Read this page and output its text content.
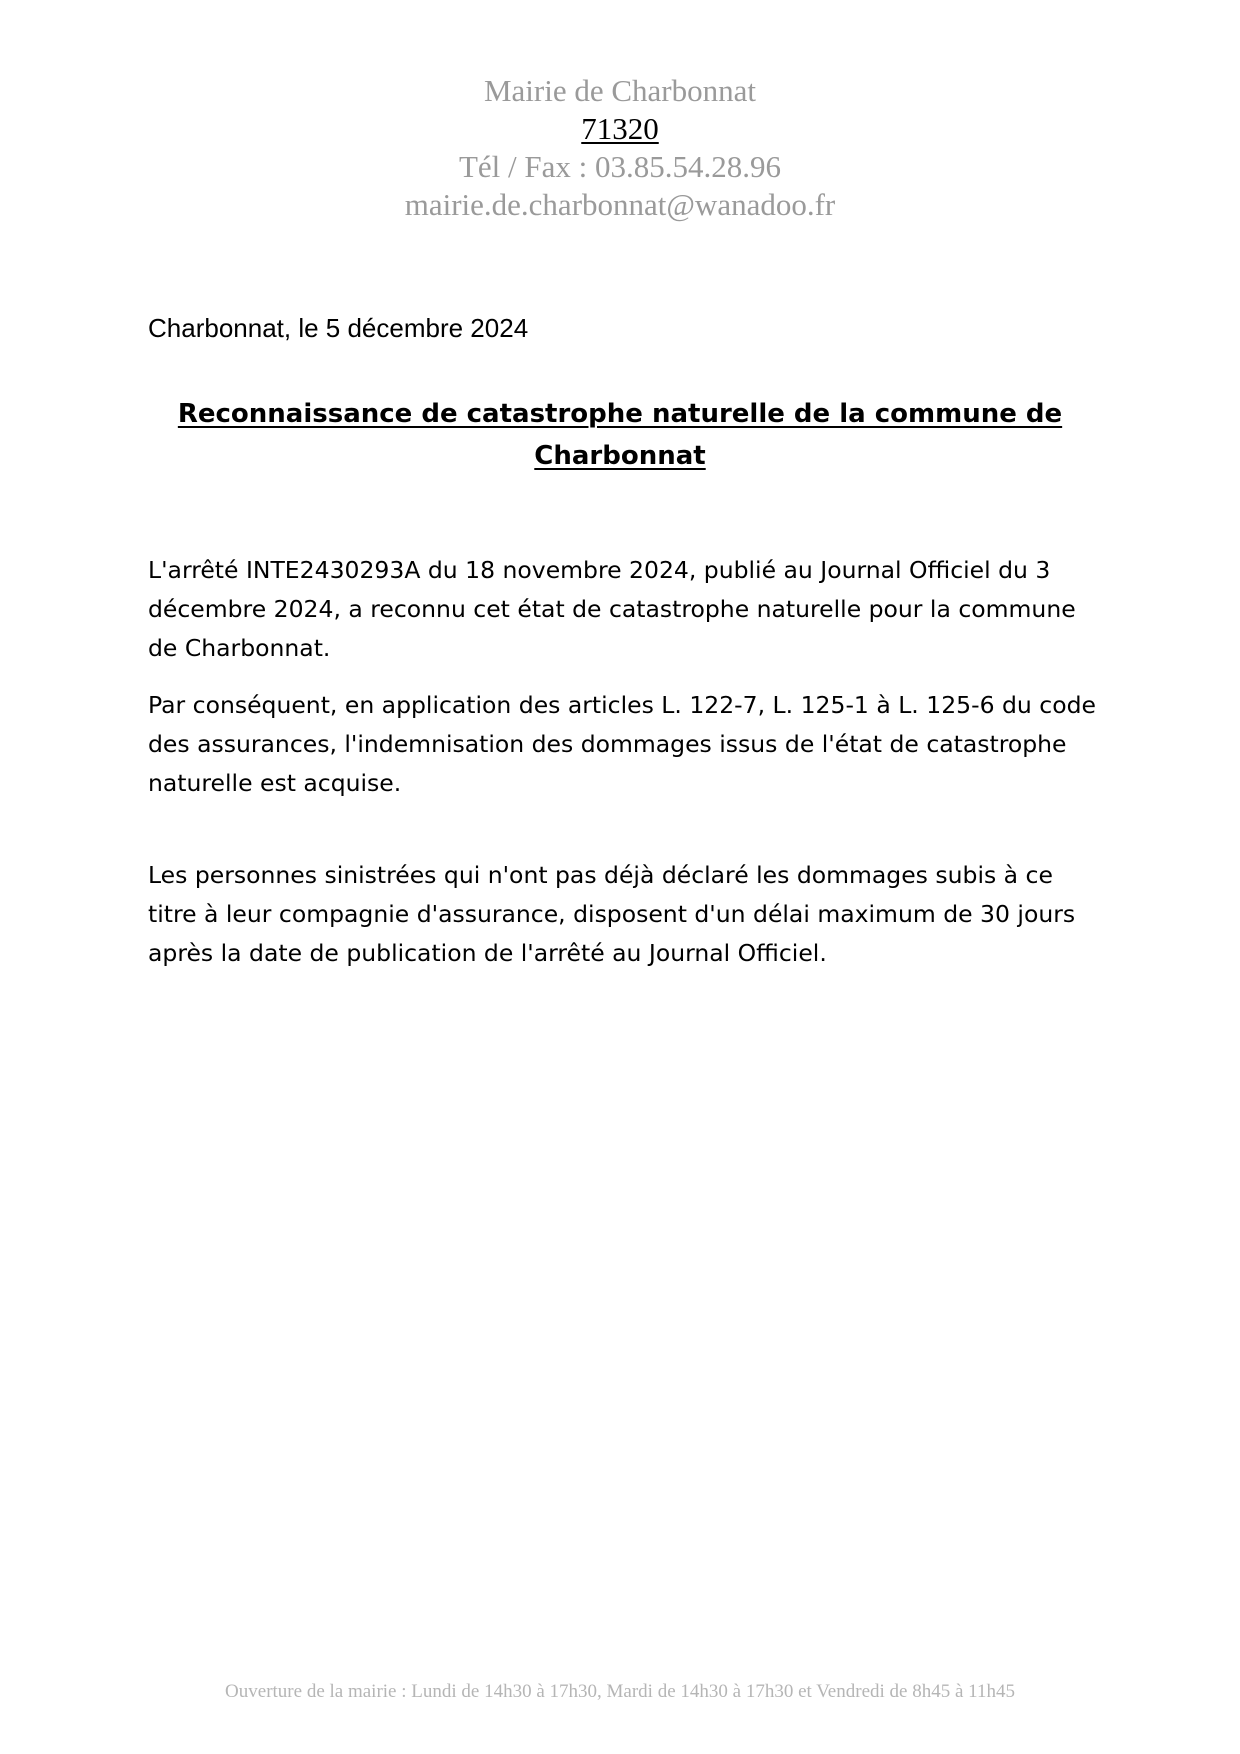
Mairie de Charbonnat
71320
Tél / Fax : 03.85.54.28.96
mairie.de.charbonnat@wanadoo.fr
Charbonnat, le 5 décembre 2024
Reconnaissance de catastrophe naturelle de la commune de Charbonnat
L'arrêté INTE2430293A du 18 novembre 2024, publié au Journal Officiel du 3 décembre 2024, a reconnu cet état de catastrophe naturelle pour la commune de Charbonnat.
Par conséquent, en application des articles L. 122-7, L. 125-1 à L. 125-6 du code des assurances, l'indemnisation des dommages issus de l'état de catastrophe naturelle est acquise.
Les personnes sinistrées qui n'ont pas déjà déclaré les dommages subis à ce titre à leur compagnie d'assurance, disposent d'un délai maximum de 30 jours après la date de publication de l'arrêté au Journal Officiel.
Ouverture de la mairie : Lundi de 14h30 à 17h30, Mardi de 14h30 à 17h30 et Vendredi de 8h45 à 11h45
